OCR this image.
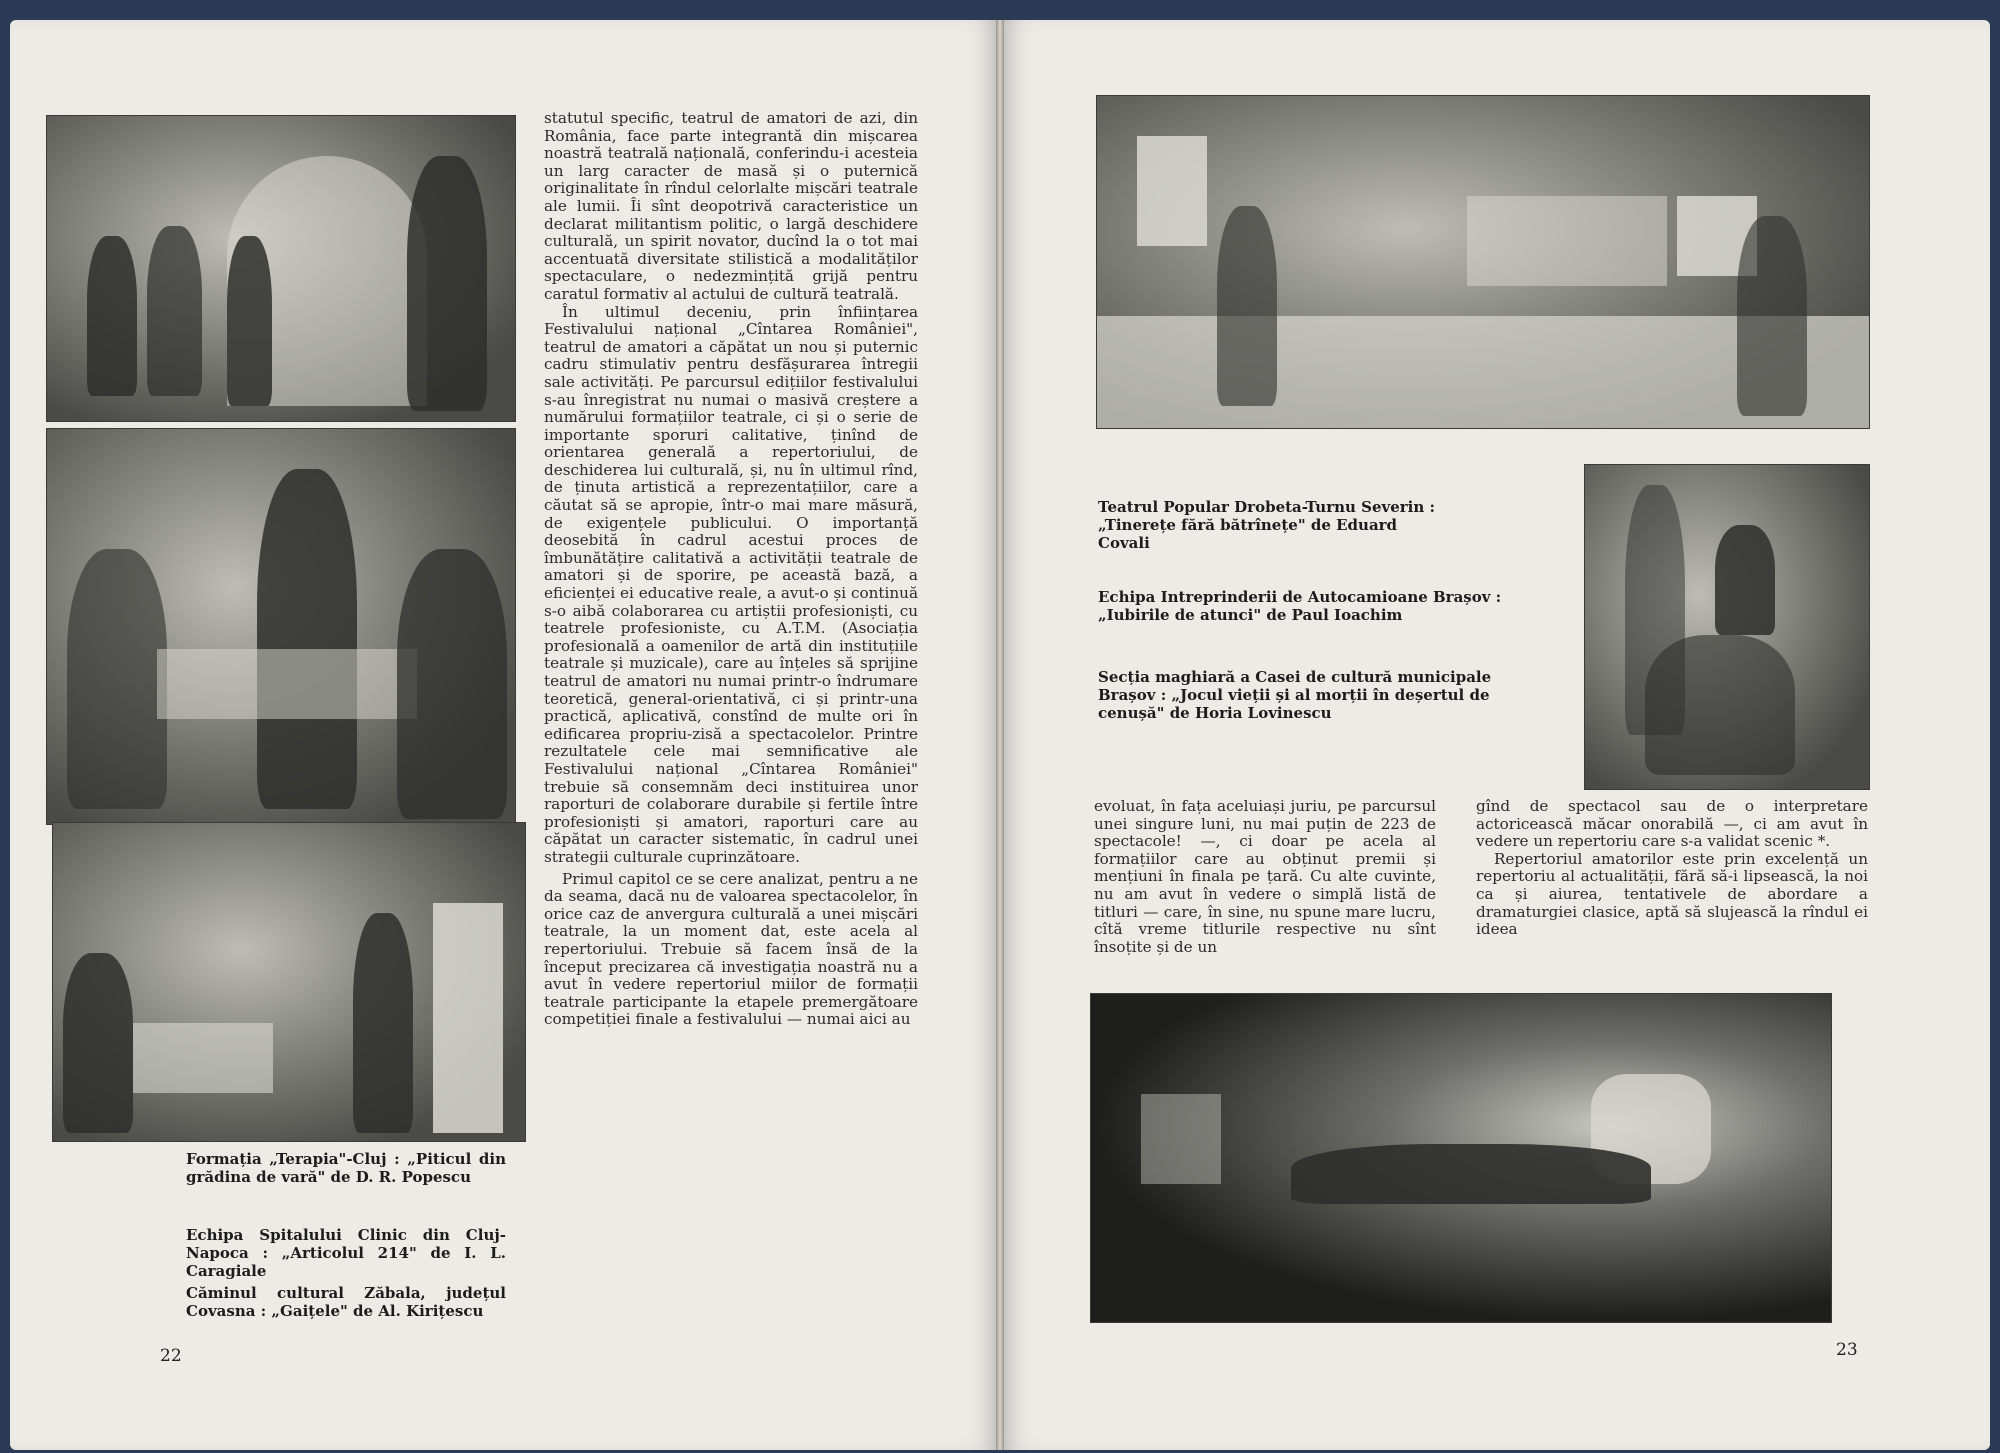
Formația „Terapia"-Cluj : „Piticul din grădina de vară" de D. R. Popescu
Echipa Spitalului Clinic din Cluj-Napoca : „Articolul 214" de I. L. Caragiale
Căminul cultural Zăbala, județul Covasna : „Gaițele" de Al. Kirițescu

statutul specific, teatrul de amatori de azi, din România, face parte integrantă din mișcarea noastră teatrală națională, conferindu-i acesteia un larg caracter de masă și o puternică originalitate în rîndul celorlalte mișcări teatrale ale lumii. Îi sînt deopotrivă caracteristice un declarat militantism politic, o largă deschidere culturală, un spirit novator, ducînd la o tot mai accentuată diversitate stilistică a modalităților spectaculare, o nedezmințită grijă pentru caratul formativ al actului de cultură teatrală.

În ultimul deceniu, prin înființarea Festivalului național „Cîntarea României", teatrul de amatori a căpătat un nou și puternic cadru stimulativ pentru desfășurarea întregii sale activități. Pe parcursul edițiilor festivalului s-au înregistrat nu numai o masivă creștere a numărului formațiilor teatrale, ci și o serie de importante sporuri calitative, ținînd de orientarea generală a repertoriului, de deschiderea lui culturală, și, nu în ultimul rînd, de ținuta artistică a reprezentațiilor, care a căutat să se apropie, într-o mai mare măsură, de exigențele publicului. O importanță deosebită în cadrul acestui proces de îmbunătățire calitativă a activității teatrale de amatori și de sporire, pe această bază, a eficienței ei educative reale, a avut-o și continuă s-o aibă colaborarea cu artiștii profesioniști, cu teatrele profesioniste, cu A.T.M. (Asociația profesională a oamenilor de artă din instituțiile teatrale și muzicale), care au înțeles să sprijine teatrul de amatori nu numai printr-o îndrumare teoretică, general-orientativă, ci și printr-una practică, aplicativă, constînd de multe ori în edificarea propriu-zisă a spectacolelor. Printre rezultatele cele mai semnificative ale Festivalului național „Cîntarea României" trebuie să consemnăm deci instituirea unor raporturi de colaborare durabile și fertile între profesioniști și amatori, raporturi care au căpătat un caracter sistematic, în cadrul unei strategii culturale cuprinzătoare.

Primul capitol ce se cere analizat, pentru a ne da seama, dacă nu de valoarea spectacolelor, în orice caz de anvergura culturală a unei mișcări teatrale, la un moment dat, este acela al repertoriului. Trebuie să facem însă de la început precizarea că investigația noastră nu a avut în vedere repertoriul miilor de formații teatrale participante la etapele premergătoare competiției finale a festivalului — numai aici au

22
Teatrul Popular Drobeta-Turnu Severin : „Tinerețe fără bătrînețe" de Eduard Covali
Echipa Intreprinderii de Autocamioane Brașov : „Iubirile de atunci" de Paul Ioachim
Secția maghiară a Casei de cultură municipale Brașov : „Jocul vieții și al morții în deșertul de cenușă" de Horia Lovinescu

evoluat, în fața aceluiași juriu, pe parcursul unei singure luni, nu mai puțin de 223 de spectacole! —, ci doar pe acela al formațiilor care au obținut premii și mențiuni în finala pe țară. Cu alte cuvinte, nu am avut în vedere o simplă listă de titluri — care, în sine, nu spune mare lucru, cîtă vreme titlurile respective nu sînt însoțite și de un

gînd de spectacol sau de o interpretare actoricească măcar onorabilă —, ci am avut în vedere un repertoriu care s-a validat scenic *.

Repertoriul amatorilor este prin excelență un repertoriu al actualității, fără să-i lipsească, la noi ca și aiurea, tentativele de abordare a dramaturgiei clasice, aptă să slujească la rîndul ei ideea

23
